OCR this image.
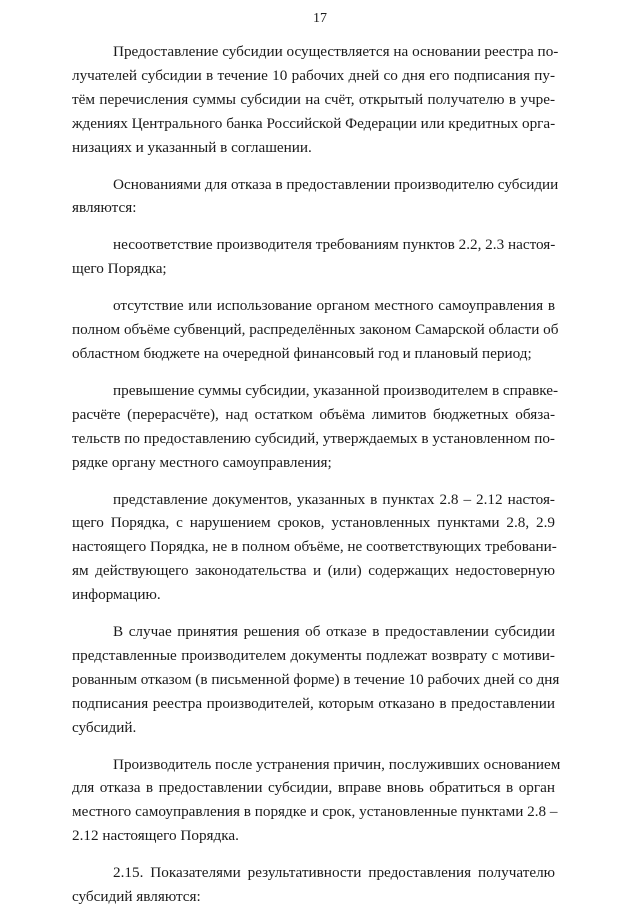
17
Предоставление субсидии осуществляется на основании реестра по-
лучателей субсидии в течение 10 рабочих дней со дня его подписания пу-
тём перечисления суммы субсидии на счёт, открытый получателю в учре-
ждениях Центрального банка Российской Федерации или кредитных орга-
низациях и указанный в соглашении.
Основаниями для отказа в предоставлении производителю субсидии
являются:
несоответствие производителя требованиям пунктов 2.2, 2.3 настоя-
щего Порядка;
отсутствие или использование органом местного самоуправления в
полном объёме субвенций, распределённых законом Самарской области об
областном бюджете на очередной финансовый год и плановый период;
превышение суммы субсидии, указанной производителем в справке-
расчёте (перерасчёте), над остатком объёма лимитов бюджетных обяза-
тельств по предоставлению субсидий, утверждаемых в установленном по-
рядке органу местного самоуправления;
представление документов, указанных в пунктах 2.8 – 2.12 настоя-
щего Порядка, с нарушением сроков, установленных пунктами 2.8, 2.9
настоящего Порядка, не в полном объёме, не соответствующих требовани-
ям действующего законодательства и (или) содержащих недостоверную
информацию.
В случае принятия решения об отказе в предоставлении субсидии
представленные производителем документы подлежат возврату с мотиви-
рованным отказом (в письменной форме) в течение 10 рабочих дней со дня
подписания реестра производителей, которым отказано в предоставлении
субсидий.
Производитель после устранения причин, послуживших основанием
для отказа в предоставлении субсидии, вправе вновь обратиться в орган
местного самоуправления в порядке и срок, установленные пунктами 2.8 –
2.12 настоящего Порядка.
2.15. Показателями результативности предоставления получателю
субсидий являются:
